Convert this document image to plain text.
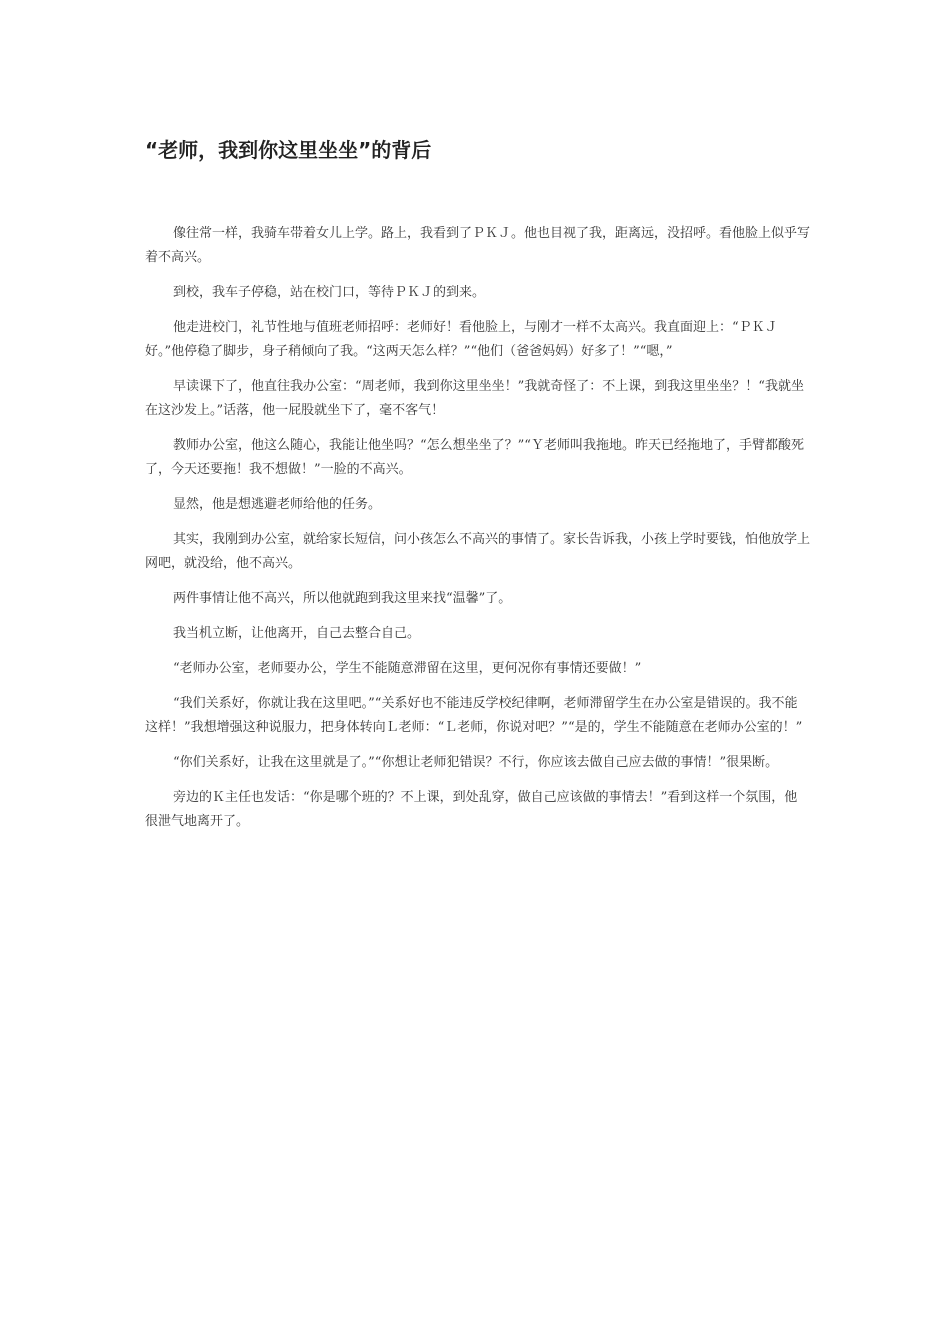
“老师，我到你这里坐坐”的背后

像往常一样，我骑车带着女儿上学。路上，我看到了ＰＫＪ。他也目视了我，距离远，没招呼。看他脸上似乎写着不高兴。

到校，我车子停稳，站在校门口，等待ＰＫＪ的到来。

他走进校门，礼节性地与值班老师招呼：老师好！看他脸上，与刚才一样不太高兴。我直面迎上：“ＰＫＪ好。”他停稳了脚步，身子稍倾向了我。“这两天怎么样？”“他们（爸爸妈妈）好多了！”“嗯，”

早读课下了，他直往我办公室：“周老师，我到你这里坐坐！”我就奇怪了：不上课，到我这里坐坐？！“我就坐在这沙发上。”话落，他一屁股就坐下了，毫不客气！

教师办公室，他这么随心，我能让他坐吗？“怎么想坐坐了？”“Ｙ老师叫我拖地。昨天已经拖地了，手臂都酸死了，今天还要拖！我不想做！”一脸的不高兴。

显然，他是想逃避老师给他的任务。

其实，我刚到办公室，就给家长短信，问小孩怎么不高兴的事情了。家长告诉我，小孩上学时要钱，怕他放学上网吧，就没给，他不高兴。

两件事情让他不高兴，所以他就跑到我这里来找“温馨”了。

我当机立断，让他离开，自己去整合自己。

“老师办公室，老师要办公，学生不能随意滞留在这里，更何况你有事情还要做！”

“我们关系好，你就让我在这里吧。”“关系好也不能违反学校纪律啊，老师滞留学生在办公室是错误的。我不能这样！”我想增强这种说服力，把身体转向Ｌ老师：“Ｌ老师，你说对吧？”“是的，学生不能随意在老师办公室的！”

“你们关系好，让我在这里就是了。”“你想让老师犯错误？不行，你应该去做自己应去做的事情！”很果断。

旁边的Ｋ主任也发话：“你是哪个班的？不上课，到处乱穿，做自己应该做的事情去！”看到这样一个氛围，他很泄气地离开了。
